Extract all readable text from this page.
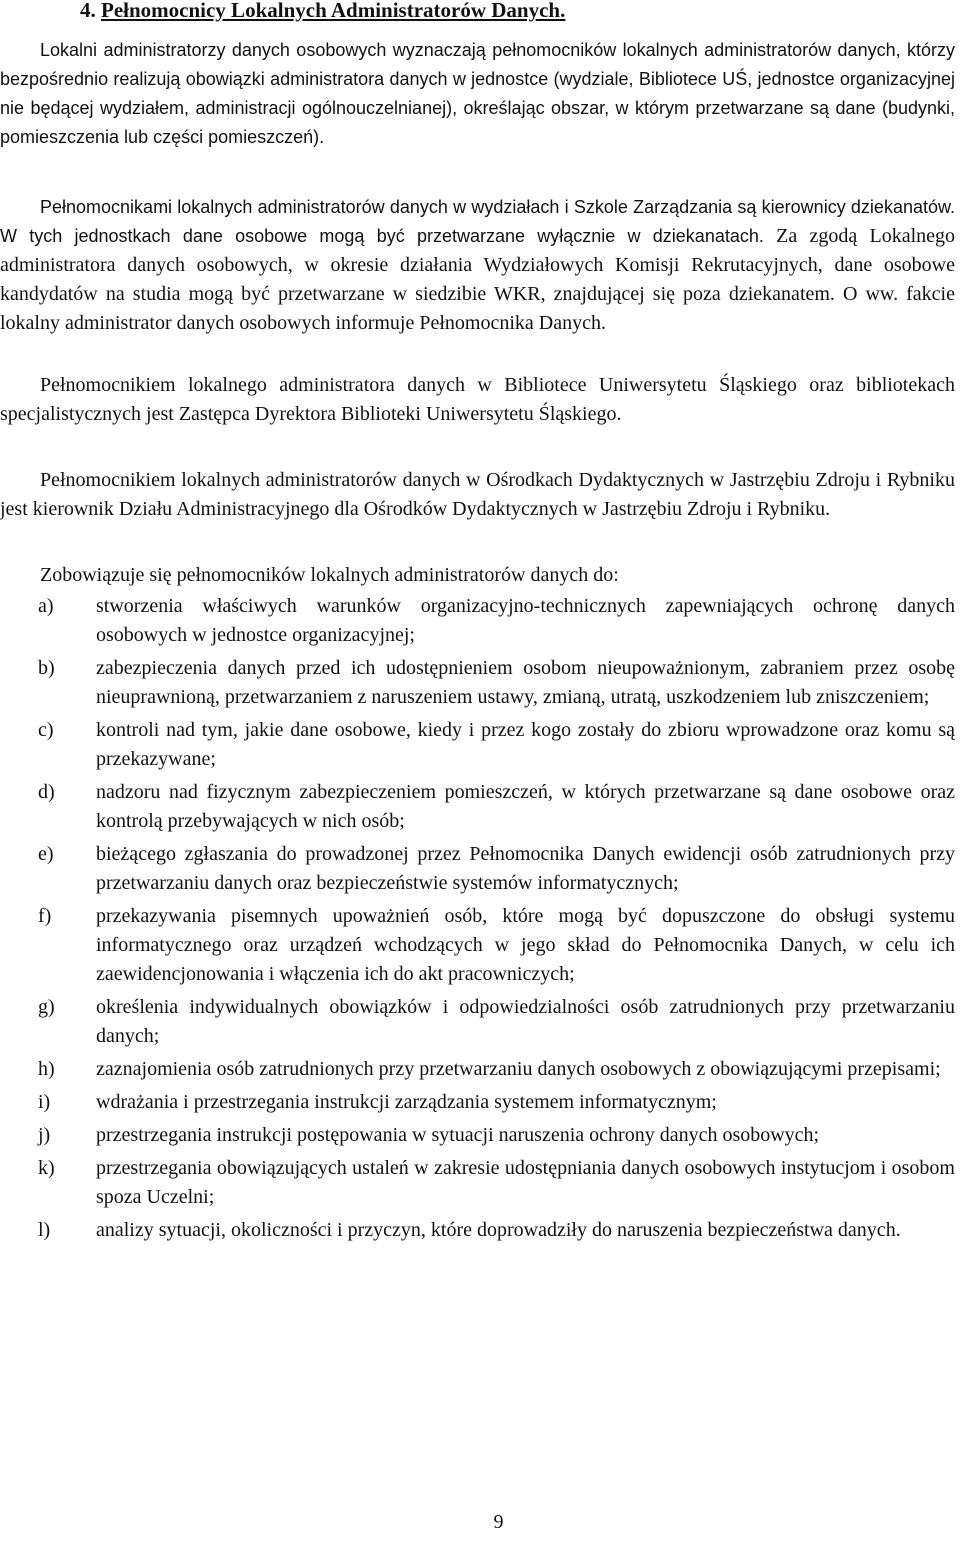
4. Pełnomocnicy Lokalnych Administratorów Danych.

Lokalni administratorzy danych osobowych wyznaczają pełnomocników lokalnych administratorów danych, którzy bezpośrednio realizują obowiązki administratora danych w jednostce (wydziale, Bibliotece UŚ, jednostce organizacyjnej nie będącej wydziałem, administracji ogólnouczelnianej), określając obszar, w którym przetwarzane są dane (budynki, pomieszczenia lub części pomieszczeń).

Pełnomocnikami lokalnych administratorów danych w wydziałach i Szkole Zarządzania są kierownicy dziekanatów. W tych jednostkach dane osobowe mogą być przetwarzane wyłącznie w dziekanatach. Za zgodą Lokalnego administratora danych osobowych, w okresie działania Wydziałowych Komisji Rekrutacyjnych, dane osobowe kandydatów na studia mogą być przetwarzane w siedzibie WKR, znajdującej się poza dziekanatem. O ww. fakcie lokalny administrator danych osobowych informuje Pełnomocnika Danych.

Pełnomocnikiem lokalnego administratora danych w Bibliotece Uniwersytetu Śląskiego oraz bibliotekach specjalistycznych jest Zastępca Dyrektora Biblioteki Uniwersytetu Śląskiego.

Pełnomocnikiem lokalnych administratorów danych w Ośrodkach Dydaktycznych w Jastrzębiu Zdroju i Rybniku jest kierownik Działu Administracyjnego dla Ośrodków Dydaktycznych w Jastrzębiu Zdroju i Rybniku.

Zobowiązuje się pełnomocników lokalnych administratorów danych do:

a) stworzenia właściwych warunków organizacyjno-technicznych zapewniających ochronę danych osobowych w jednostce organizacyjnej;
b) zabezpieczenia danych przed ich udostępnieniem osobom nieupoważnionym, zabraniem przez osobę nieuprawnioną, przetwarzaniem z naruszeniem ustawy, zmianą, utratą, uszkodzeniem lub zniszczeniem;
c) kontroli nad tym, jakie dane osobowe, kiedy i przez kogo zostały do zbioru wprowadzone oraz komu są przekazywane;
d) nadzoru nad fizycznym zabezpieczeniem pomieszczeń, w których przetwarzane są dane osobowe oraz kontrolą przebywających w nich osób;
e) bieżącego zgłaszania do prowadzonej przez Pełnomocnika Danych ewidencji osób zatrudnionych przy przetwarzaniu danych oraz bezpieczeństwie systemów informatycznych;
f) przekazywania pisemnych upoważnień osób, które mogą być dopuszczone do obsługi systemu informatycznego oraz urządzeń wchodzących w jego skład do Pełnomocnika Danych, w celu ich zaewidencjonowania i włączenia ich do akt pracowniczych;
g) określenia indywidualnych obowiązków i odpowiedzialności osób zatrudnionych przy przetwarzaniu danych;
h) zaznajomienia osób zatrudnionych przy przetwarzaniu danych osobowych z obowiązującymi przepisami;
i) wdrażania i przestrzegania instrukcji zarządzania systemem informatycznym;
j) przestrzegania instrukcji postępowania w sytuacji naruszenia ochrony danych osobowych;
k) przestrzegania obowiązujących ustaleń w zakresie udostępniania danych osobowych instytucjom i osobom spoza Uczelni;
l) analizy sytuacji, okoliczności i przyczyn, które doprowadziły do naruszenia bezpieczeństwa danych.
9
